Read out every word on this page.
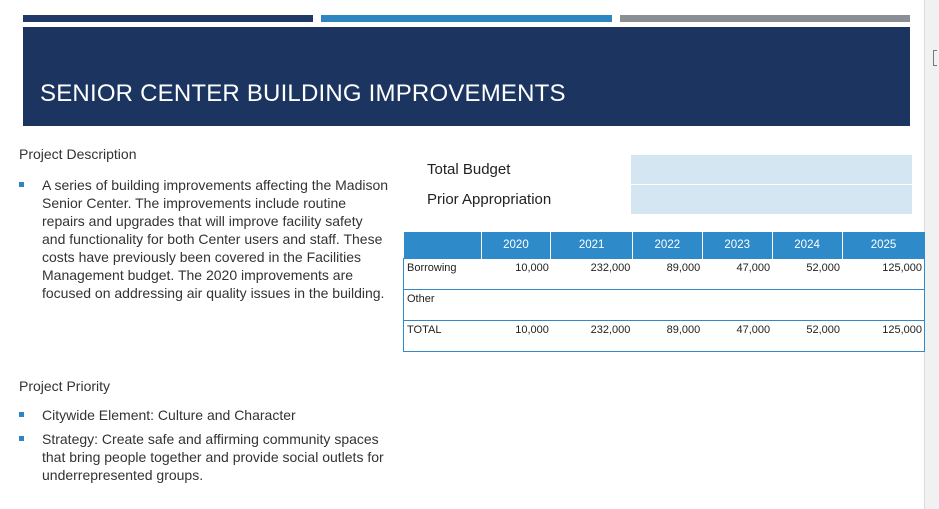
SENIOR CENTER BUILDING IMPROVEMENTS

Project Description

A series of building improvements affecting the Madison Senior Center. The improvements include routine repairs and upgrades that will improve facility safety and functionality for both Center users and staff. These costs have previously been covered in the Facilities Management budget. The 2020 improvements are focused on addressing air quality issues in the building.

Project Priority

Citywide Element: Culture and Character
Strategy: Create safe and affirming community spaces that bring people together and provide social outlets for underrepresented groups.
Total Budget
Prior Appropriation
	2020	2021	2022	2023	2024	2025
Borrowing	10,000	232,000	89,000	47,000	52,000	125,000
Other						
TOTAL	10,000	232,000	89,000	47,000	52,000	125,000
